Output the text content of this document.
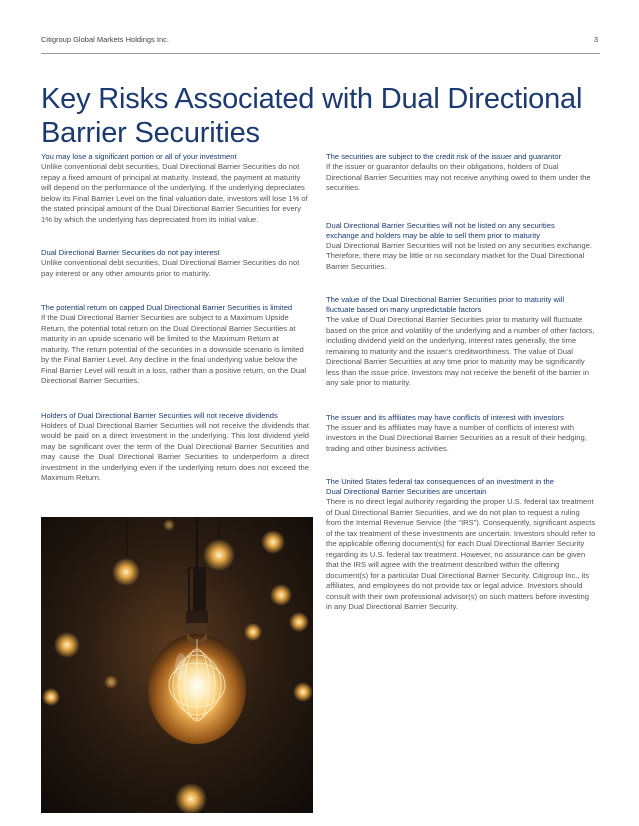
Citigroup Global Markets Holdings Inc.	3
Key Risks Associated with Dual Directional
Barrier Securities
You may lose a significant portion or all of your investment

Unlike conventional debt securities, Dual Directional Barrier Securities do not repay a fixed amount of principal at maturity. Instead, the payment at maturity will depend on the performance of the underlying. If the underlying depreciates below its Final Barrier Level on the final valuation date, investors will lose 1% of the stated principal amount of the Dual Directional Barrier Securities for every 1% by which the underlying has depreciated from its initial value.

Dual Directional Barrier Securities do not pay interest

Unlike conventional debt securities, Dual Directional Barrier Securities do not pay interest or any other amounts prior to maturity.

The potential return on capped Dual Directional Barrier Securities is limited

If the Dual Directional Barrier Securities are subject to a Maximum Upside Return, the potential total return on the Dual Directional Barrier Securities at maturity in an upside scenario will be limited to the Maximum Return at maturity. The return potential of the securities in a downside scenario is limited by the Final Barrier Level. Any decline in the final underlying value below the Final Barrier Level will result in a loss, rather than a positive return, on the Dual Directional Barrier Securities.

Holders of Dual Directional Barrier Securities will not receive dividends

Holders of Dual Directional Barrier Securities will not receive the dividends that would be paid on a direct investment in the underlying. This lost dividend yield may be significant over the term of the Dual Directional Barrier Securities and may cause the Dual Directional Barrier Securities to underperform a direct investment in the underlying even if the underlying return does not exceed the Maximum Return.

The securities are subject to the credit risk of the issuer and guarantor

If the issuer or guarantor defaults on their obligations, holders of Dual Directional Barrier Securities may not receive anything owed to them under the securities.

Dual Directional Barrier Securities will not be listed on any securities exchange and holders may be able to sell them prior to maturity

Dual Directional Barrier Securities will not be listed on any securities exchange. Therefore, there may be little or no secondary market for the Dual Directional Barrier Securities.

The value of the Dual Directional Barrier Securities prior to maturity will fluctuate based on many unpredictable factors

The value of Dual Directional Barrier Securities prior to maturity will fluctuate based on the price and volatility of the underlying and a number of other factors, including dividend yield on the underlying, interest rates generally, the time remaining to maturity and the issuer’s creditworthiness. The value of Dual Directional Barrier Securities at any time prior to maturity may be significantly less than the issue price. Investors may not receive the benefit of the barrier in any sale prior to maturity.

The issuer and its affiliates may have conflicts of interest with investors

The issuer and its affiliates may have a number of conflicts of interest with investors in the Dual Directional Barrier Securities as a result of their hedging, trading and other business activities.

The United States federal tax consequences of an investment in the Dual Directional Barrier Securities are uncertain

There is no direct legal authority regarding the proper U.S. federal tax treatment of Dual Directional Barrier Securities, and we do not plan to request a ruling from the Internal Revenue Service (the “IRS”). Consequently, significant aspects of the tax treatment of these investments are uncertain. Investors should refer to the applicable offering document(s) for each Dual Directional Barrier Security regarding its U.S. federal tax treatment. However, no assurance can be given that the IRS will agree with the treatment described within the offering document(s) for a particular Dual Directional Barrier Security. Citigroup Inc., its affiliates, and employees do not provide tax or legal advice. Investors should consult with their own professional advisor(s) on such matters before investing in any Dual Directional Barrier Security.
